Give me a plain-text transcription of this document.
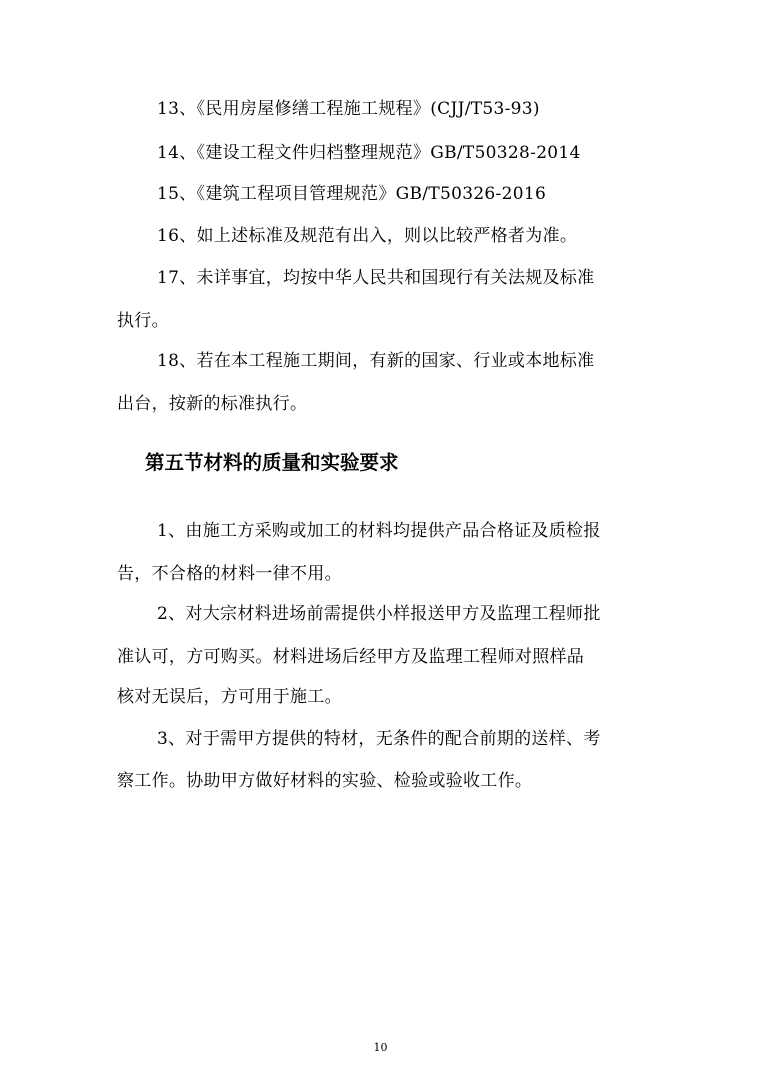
13、《民用房屋修缮工程施工规程》(CJJ/T53-93)
14、《建设工程文件归档整理规范》GB/T50328-2014
15、《建筑工程项目管理规范》GB/T50326-2016
16、如上述标准及规范有出入，则以比较严格者为准。
17、未详事宜，均按中华人民共和国现行有关法规及标准
执行。
18、若在本工程施工期间，有新的国家、行业或本地标准
出台，按新的标准执行。
第五节材料的质量和实验要求
1、由施工方采购或加工的材料均提供产品合格证及质检报
告，不合格的材料一律不用。
2、对大宗材料进场前需提供小样报送甲方及监理工程师批
准认可，方可购买。材料进场后经甲方及监理工程师对照样品
核对无误后，方可用于施工。
3、对于需甲方提供的特材，无条件的配合前期的送样、考
察工作。协助甲方做好材料的实验、检验或验收工作。
10
